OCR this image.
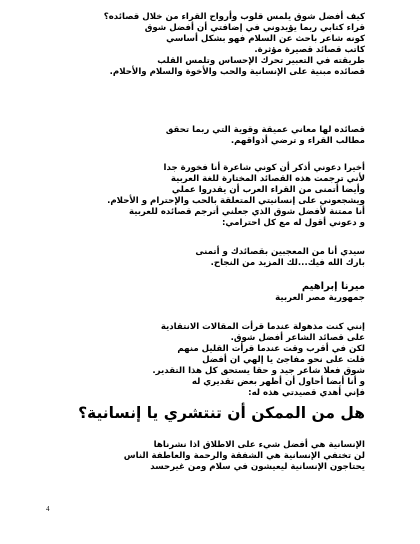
كيف أفضل شوق يلمس قلوب وأرواح القراء من خلال قصائده؟
قراء كتابي ربما يؤيدوني في إضافتي أن أفضل شوق
كونه شاعر باحث عن السلام فهو بشكل أساسي
كاتب قصائد قصيرة مؤثرة.
طريقته في التعبير تحرك الإحساس وتلمس القلب
قصائده مبنية على الإنسانية والحب والأخوة والسلام والأحلام.
قصائده لها معاني عميقة وقوية التي ربما تحقق
مطالب القراء و ترضي أذواقهم.
أخيرا دعوني أذكر أن كوني شاعرة أنا فخورة جدا
لأني ترجمت هذه القصائد المختارة للغة العربية
وأيضا أتمنى من القراء العرب أن يقدروا عملي
ويشجعوني على إنسانيتي المتعلقة بالحب والإحترام و الأحلام.
أنا ممتنة لأفضل شوق الذي جعلني أترجم قصائده للعربية
و دعوني أقول له مع كل احترامي:
سيدي أنا من المعجبين بقصائدك و أتمنى
بارك الله فيك...لك المزيد من النجاح.
ميرنا إبراهيم
جمهورية مصر العربية
إنني كنت مذهولة عندما قرأت المقالات الانتقادية
على قصائد الشاعر أفضل شوق.
لكن في أقرب وقت عندما قرأت القليل منهم
قلت على نحو مفاجئ يا إلهي ان أفضل
شوق فعلا شاعر جيد و حقا يستحق كل هذا التقدير.
و أنا أيضا أحاول أن أظهر بعض تقديري له
فإني أهدي قصيدتي هذه له:
هل من الممكن أن تنتشري يا إنسانية؟
الإنسانية هي أفضل شيء على الاطلاق اذا نشرناها
لن تختفي الإنسانية هي الشفقة والرحمة والعاطفة الناس
يحتاجون الإنسانية ليعيشون في سلام ومن غيرحسد
4
